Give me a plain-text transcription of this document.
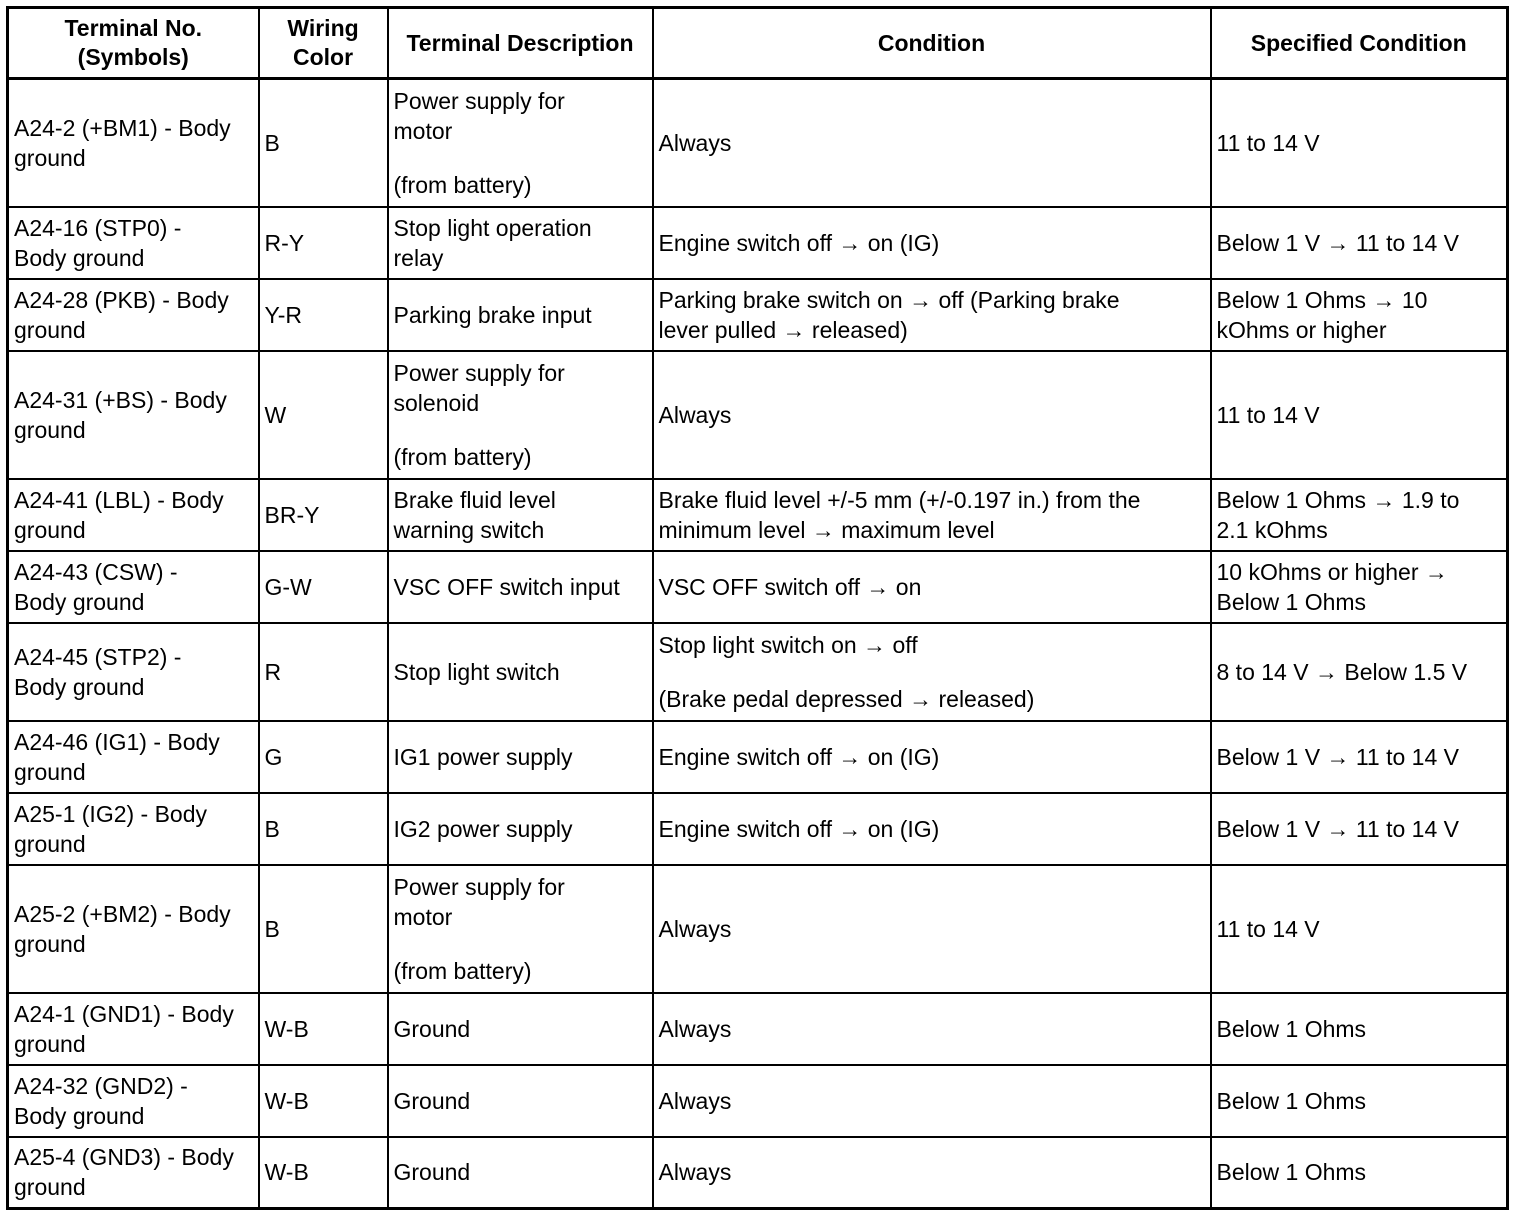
Terminal No.
(Symbols)	Wiring
Color	Terminal Description	Condition	Specified Condition

A24-2 (+BM1) - Body
ground	B	Power supply for
motor
(from battery)	Always	11 to 14 V

A24-16 (STP0) -
Body ground	R-Y	Stop light operation
relay	Engine switch off → on (IG)	Below 1 V → 11 to 14 V

A24-28 (PKB) - Body
ground	Y-R	Parking brake input	Parking brake switch on → off (Parking brake
lever pulled → released)	Below 1 Ohms → 10
kOhms or higher

A24-31 (+BS) - Body
ground	W	Power supply for
solenoid
(from battery)	Always	11 to 14 V

A24-41 (LBL) - Body
ground	BR-Y	Brake fluid level
warning switch	Brake fluid level +/-5 mm (+/-0.197 in.) from the
minimum level → maximum level	Below 1 Ohms → 1.9 to
2.1 kOhms

A24-43 (CSW) -
Body ground	G-W	VSC OFF switch input	VSC OFF switch off → on	10 kOhms or higher →
Below 1 Ohms

A24-45 (STP2) -
Body ground	R	Stop light switch	Stop light switch on → off
(Brake pedal depressed → released)	8 to 14 V → Below 1.5 V

A24-46 (IG1) - Body
ground	G	IG1 power supply	Engine switch off → on (IG)	Below 1 V → 11 to 14 V

A25-1 (IG2) - Body
ground	B	IG2 power supply	Engine switch off → on (IG)	Below 1 V → 11 to 14 V

A25-2 (+BM2) - Body
ground	B	Power supply for
motor
(from battery)	Always	11 to 14 V

A24-1 (GND1) - Body
ground	W-B	Ground	Always	Below 1 Ohms

A24-32 (GND2) -
Body ground	W-B	Ground	Always	Below 1 Ohms

A25-4 (GND3) - Body
ground	W-B	Ground	Always	Below 1 Ohms
